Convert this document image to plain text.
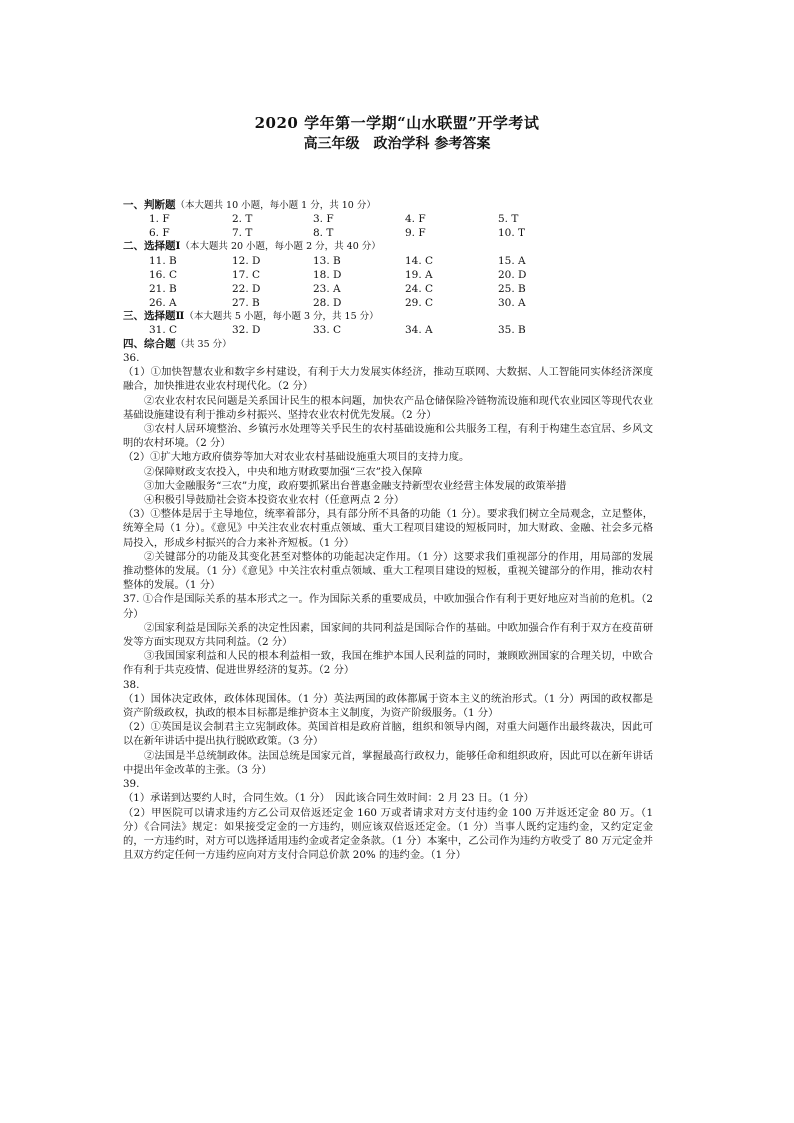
2020 学年第一学期“山水联盟”开学考试
高三年级　政治学科 参考答案
一、判断题（本大题共 10 小题，每小题 1 分，共 10 分）
1. F	2. T	3. F	4. F	5. T
6. F	7. T	8. T	9. F	10. T
二、选择题Ⅰ（本大题共 20 小题，每小题 2 分，共 40 分）
11. B	12. D	13. B	14. C	15. A
16. C	17. C	18. D	19. A	20. D
21. B	22. D	23. A	24. C	25. B
26. A	27. B	28. D	29. C	30. A
三、选择题Ⅱ（本大题共 5 小题，每小题 3 分，共 15 分）
31. C	32. D	33. C	34. A	35. B
四、综合题（共 35 分）

36.

（1）①加快智慧农业和数字乡村建设，有利于大力发展实体经济，推动互联网、大数据、人工智能同实体经济深度融合，加快推进农业农村现代化。（2 分）

②农业农村农民问题是关系国计民生的根本问题，加快农产品仓储保险冷链物流设施和现代农业园区等现代农业基础设施建设有利于推动乡村振兴、坚持农业农村优先发展。（2 分）

③农村人居环境整治、乡镇污水处理等关乎民生的农村基础设施和公共服务工程，有利于构建生态宜居、乡风文明的农村环境。（2 分）

（2）①扩大地方政府债券等加大对农业农村基础设施重大项目的支持力度。

②保障财政支农投入，中央和地方财政要加强“三农”投入保障

③加大金融服务“三农”力度，政府要抓紧出台普惠金融支持新型农业经营主体发展的政策举措

④积极引导鼓励社会资本投资农业农村（任意两点 2 分）

（3）①整体是居于主导地位，统率着部分，具有部分所不具备的功能（1 分）。要求我们树立全局观念，立足整体，统筹全局（1 分）。《意见》中关注农业农村重点领域、重大工程项目建设的短板同时，加大财政、金融、社会多元格局投入，形成乡村振兴的合力来补齐短板。（1 分）

②关键部分的功能及其变化甚至对整体的功能起决定作用。（1 分）这要求我们重视部分的作用，用局部的发展推动整体的发展。（1 分）《意见》中关注农村重点领域、重大工程项目建设的短板，重视关键部分的作用，推动农村整体的发展。（1 分）

37. ①合作是国际关系的基本形式之一。作为国际关系的重要成员，中欧加强合作有利于更好地应对当前的危机。（2 分）

②国家利益是国际关系的决定性因素，国家间的共同利益是国际合作的基础。中欧加强合作有利于双方在疫苗研发等方面实现双方共同利益。（2 分）

③我国国家利益和人民的根本利益相一致，我国在维护本国人民利益的同时，兼顾欧洲国家的合理关切，中欧合作有利于共克疫情、促进世界经济的复苏。（2 分）

38.

（1）国体决定政体，政体体现国体。（1 分）英法两国的政体都属于资本主义的统治形式。（1 分）两国的政权都是资产阶级政权，执政的根本目标都是维护资本主义制度，为资产阶级服务。（1 分）

（2）①英国是议会制君主立宪制政体。英国首相是政府首脑，组织和领导内阁，对重大问题作出最终裁决，因此可以在新年讲话中提出执行脱欧政策。（3 分）

②法国是半总统制政体。法国总统是国家元首，掌握最高行政权力，能够任命和组织政府，因此可以在新年讲话中提出年金改革的主张。（3 分）

39.

（1）承诺到达要约人时，合同生效。（1 分）　因此该合同生效时间：2 月 23 日。（1 分）

（2）甲医院可以请求违约方乙公司双倍返还定金 160 万或者请求对方支付违约金 100 万并返还定金 80 万。（1 分）《合同法》规定：如果接受定金的一方违约，则应该双倍返还定金。（1 分）当事人既约定违约金，又约定定金的，一方违约时，对方可以选择适用违约金或者定金条款。（1 分）本案中，乙公司作为违约方收受了 80 万元定金并且双方约定任何一方违约应向对方支付合同总价款 20% 的违约金。（1 分）
